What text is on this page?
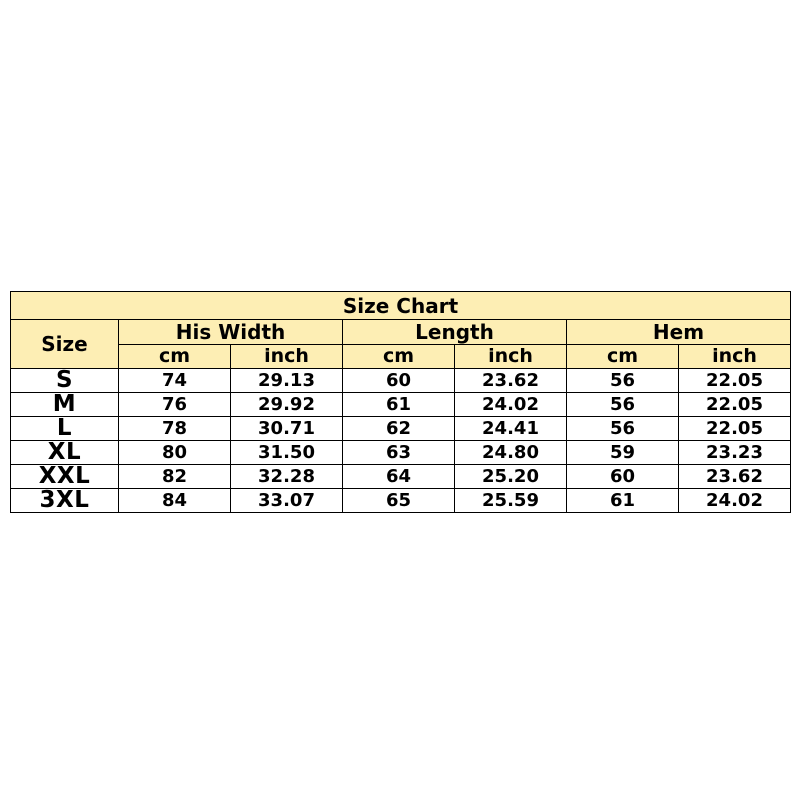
Size Chart						
Size	His Width		Length		Hem	
	cm	inch	cm	inch	cm	inch
S	74	29.13	60	23.62	56	22.05
M	76	29.92	61	24.02	56	22.05
L	78	30.71	62	24.41	56	22.05
XL	80	31.50	63	24.80	59	23.23
XXL	82	32.28	64	25.20	60	23.62
3XL	84	33.07	65	25.59	61	24.02
